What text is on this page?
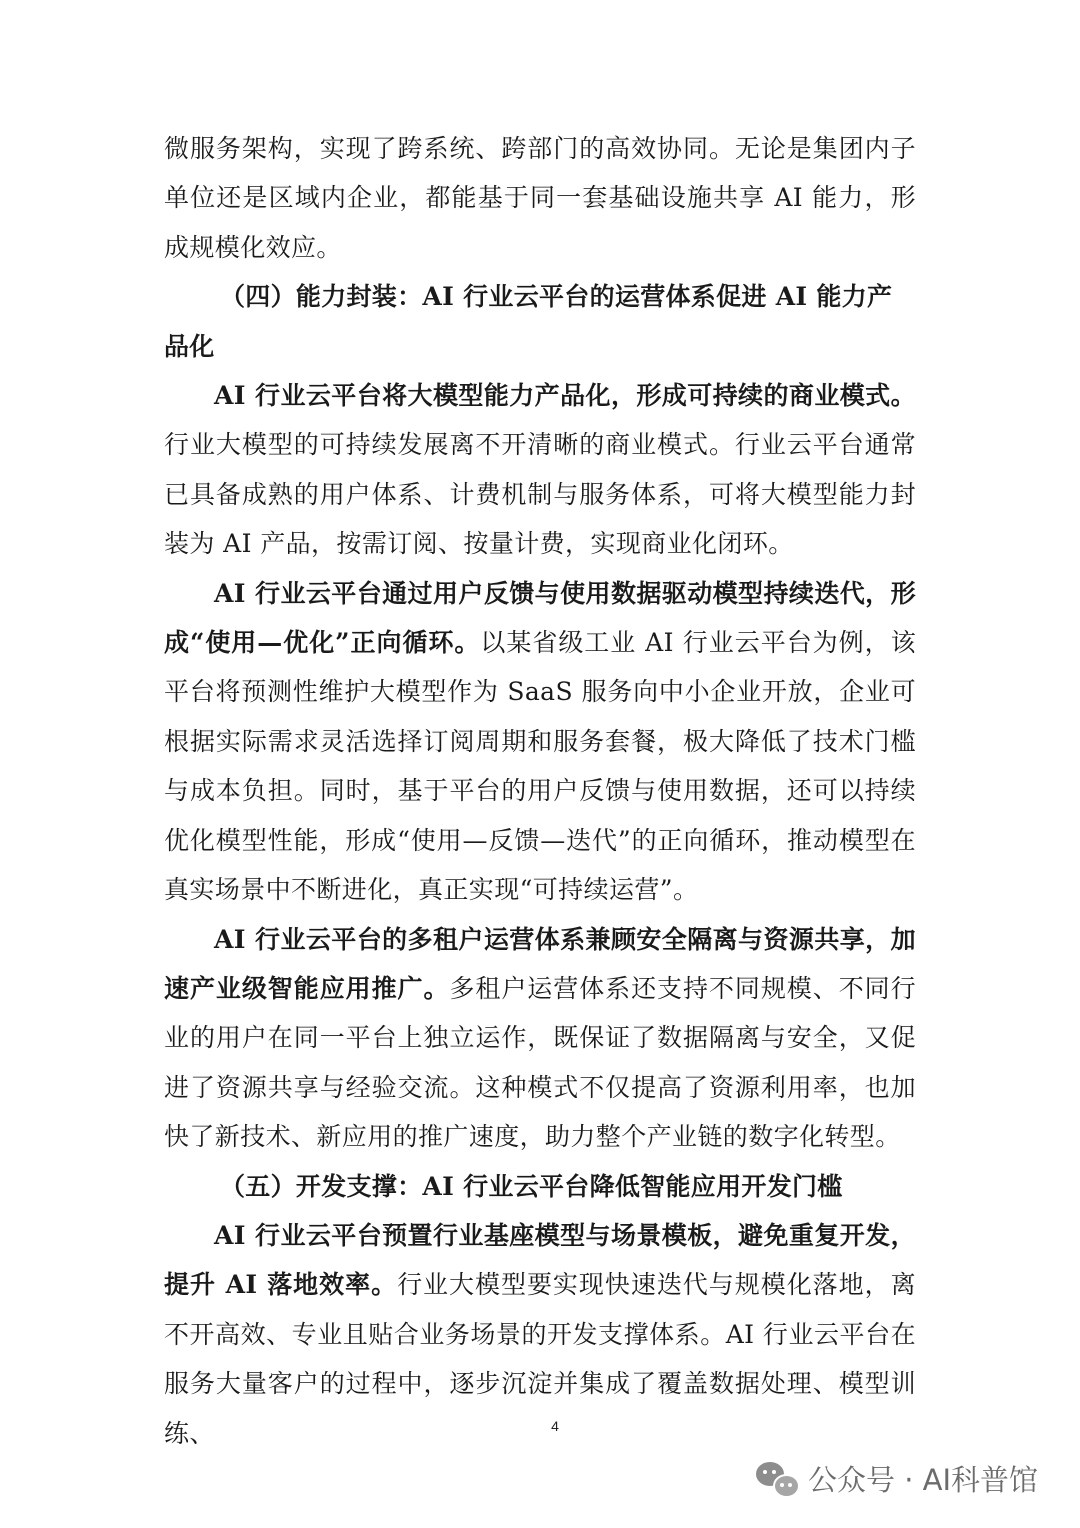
微服务架构，实现了跨系统、跨部门的高效协同。无论是集团内子单位还是区域内企业，都能基于同一套基础设施共享 AI 能力，形成规模化效应。

（四）能力封装：AI 行业云平台的运营体系促进 AI 能力产品化

AI 行业云平台将大模型能力产品化，形成可持续的商业模式。行业大模型的可持续发展离不开清晰的商业模式。行业云平台通常已具备成熟的用户体系、计费机制与服务体系，可将大模型能力封装为 AI 产品，按需订阅、按量计费，实现商业化闭环。

AI 行业云平台通过用户反馈与使用数据驱动模型持续迭代，形成“使用—优化”正向循环。以某省级工业 AI 行业云平台为例，该平台将预测性维护大模型作为 SaaS 服务向中小企业开放，企业可根据实际需求灵活选择订阅周期和服务套餐，极大降低了技术门槛与成本负担。同时，基于平台的用户反馈与使用数据，还可以持续优化模型性能，形成“使用—反馈—迭代”的正向循环，推动模型在真实场景中不断进化，真正实现“可持续运营”。

AI 行业云平台的多租户运营体系兼顾安全隔离与资源共享，加速产业级智能应用推广。多租户运营体系还支持不同规模、不同行业的用户在同一平台上独立运作，既保证了数据隔离与安全，又促进了资源共享与经验交流。这种模式不仅提高了资源利用率，也加快了新技术、新应用的推广速度，助力整个产业链的数字化转型。

（五）开发支撑：AI 行业云平台降低智能应用开发门槛

AI 行业云平台预置行业基座模型与场景模板，避免重复开发，提升 AI 落地效率。行业大模型要实现快速迭代与规模化落地，离不开高效、专业且贴合业务场景的开发支撑体系。AI 行业云平台在服务大量客户的过程中，逐步沉淀并集成了覆盖数据处理、模型训练、	4
公众号 · AI科普馆
